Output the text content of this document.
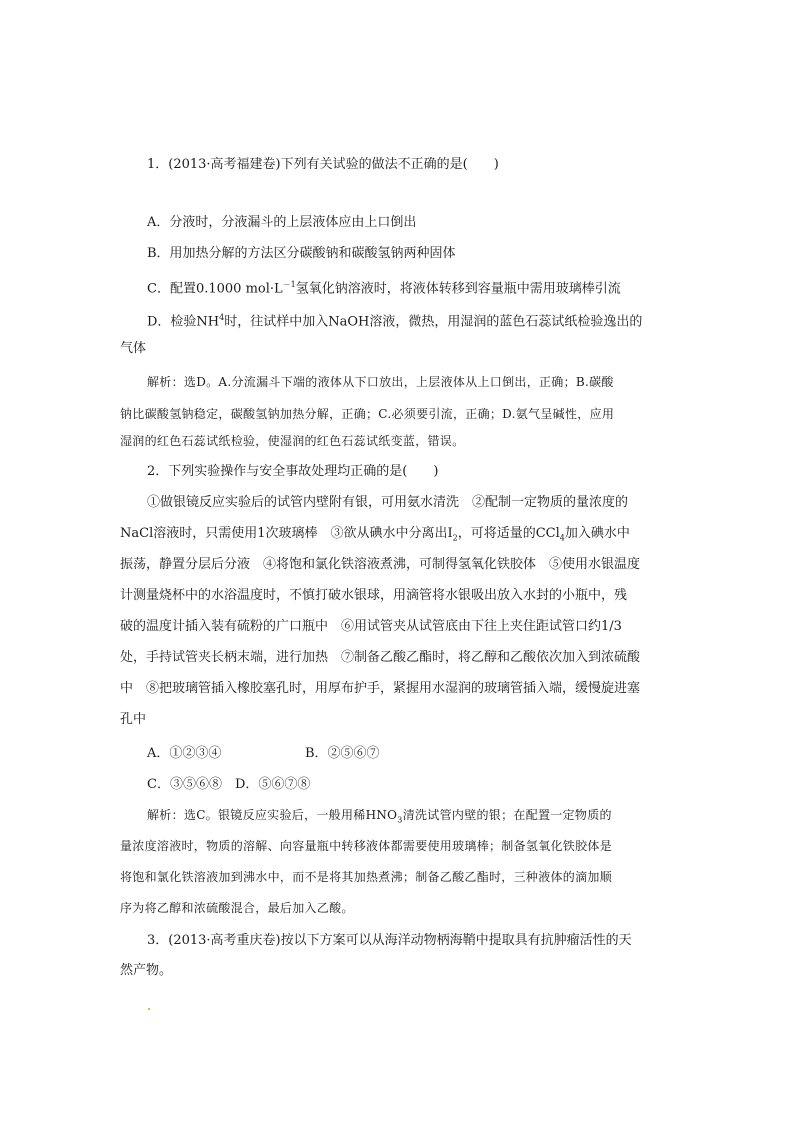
1．(2013·高考福建卷)下列有关试验的做法不正确的是(　　)
A．分液时，分液漏斗的上层液体应由上口倒出
B．用加热分解的方法区分碳酸钠和碳酸氢钠两种固体
C．配置0.1000 $mol\cdot L^{-1}$氢氧化钠溶液时，将液体转移到容量瓶中需用玻璃棒引流
D．检验$NH^4$时，往试样中加入NaOH溶液，微热，用湿润的蓝色石蕊试纸检验逸出的
气体
解析：选D。A.分流漏斗下端的液体从下口放出，上层液体从上口倒出，正确；B.碳酸
钠比碳酸氢钠稳定，碳酸氢钠加热分解，正确；C.必须要引流，正确；D.氨气呈碱性，应用
湿润的红色石蕊试纸检验，使湿润的红色石蕊试纸变蓝，错误。
2．下列实验操作与安全事故处理均正确的是(　　)
①做银镜反应实验后的试管内壁附有银，可用氨水清洗　②配制一定物质的量浓度的
NaCl溶液时，只需使用1次玻璃棒　③欲从碘水中分离出$I_2$，可将适量的CCl$_4$加入碘水中
振荡，静置分层后分液　④将饱和氯化铁溶液煮沸，可制得氢氧化铁胶体　⑤使用水银温度
计测量烧杯中的水浴温度时，不慎打破水银球，用滴管将水银吸出放入水封的小瓶中，残
破的温度计插入装有硫粉的广口瓶中　⑥用试管夹从试管底由下往上夹住距试管口约1/3
处，手持试管夹长柄末端，进行加热　⑦制备乙酸乙酯时，将乙醇和乙酸依次加入到浓硫酸
中　⑧把玻璃管插入橡胶塞孔时，用厚布护手，紧握用水湿润的玻璃管插入端，缓慢旋进塞
孔中
A．①②③④	B．②⑤⑥⑦
C．③⑤⑥⑧　D．⑤⑥⑦⑧
解析：选C。银镜反应实验后，一般用稀$HNO_3$清洗试管内壁的银；在配置一定物质的
量浓度溶液时，物质的溶解、向容量瓶中转移液体都需要使用玻璃棒；制备氢氧化铁胶体是
将饱和氯化铁溶液加到沸水中，而不是将其加热煮沸；制备乙酸乙酯时，三种液体的滴加顺
序为将乙醇和浓硫酸混合，最后加入乙酸。
3．(2013·高考重庆卷)按以下方案可以从海洋动物柄海鞘中提取具有抗肿瘤活性的天
然产物。
